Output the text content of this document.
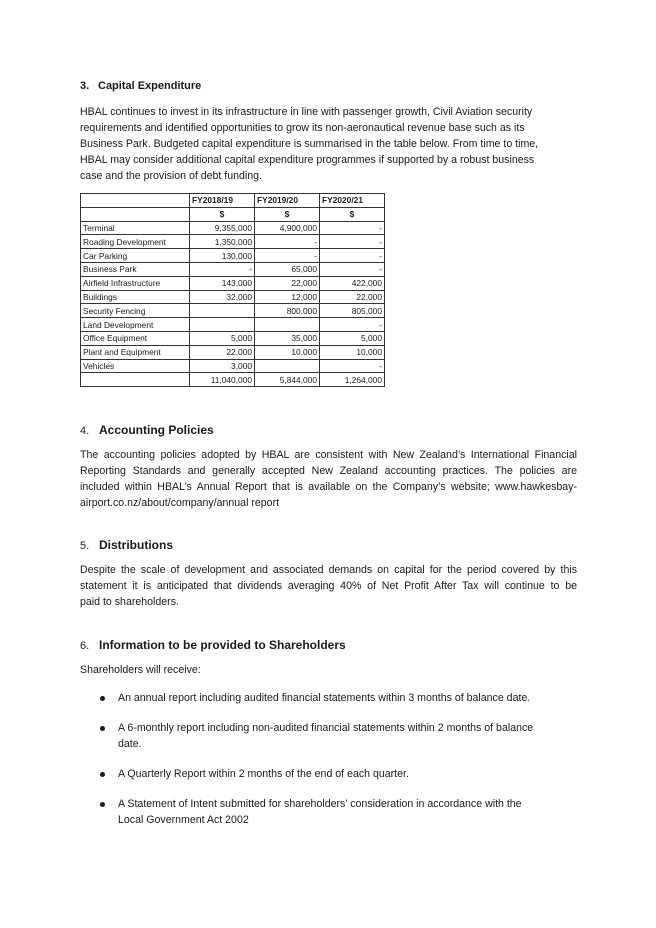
3. Capital Expenditure
HBAL continues to invest in its infrastructure in line with passenger growth, Civil Aviation security
requirements and identified opportunities to grow its non-aeronautical revenue base such as its
Business Park. Budgeted capital expenditure is summarised in the table below. From time to time,
HBAL may consider additional capital expenditure programmes if supported by a robust business
case and the provision of debt funding.
	FY2018/19	FY2019/20	FY2020/21
	$	$	$
Terminal	9,355,000	4,900,000	-
Roading Development	1,350,000	-	-
Car Parking	130,000	-	-
Business Park	-	65,000	-
Airfield Infrastructure	143,000	22,000	422,000
Buildings	32,000	12,000	22,000
Security Fencing		800,000	805,000
Land Development			-
Office Equipment	5,000	35,000	5,000
Plant and Equipment	22,000	10,000	10,000
Vehicles	3,000		-
	11,040,000	5,844,000	1,264,000
4. Accounting Policies
The accounting policies adopted by HBAL are consistent with New Zealand’s International Financial
Reporting Standards and generally accepted New Zealand accounting practices. The policies are
included within HBAL’s Annual Report that is available on the Company’s website; www.hawkesbay-
airport.co.nz/about/company/annual report
5. Distributions
Despite the scale of development and associated demands on capital for the period covered by this
statement it is anticipated that dividends averaging 40% of Net Profit After Tax will continue to be
paid to shareholders.
6. Information to be provided to Shareholders
Shareholders will receive:
An annual report including audited financial statements within 3 months of balance date.
A 6-monthly report including non-audited financial statements within 2 months of balance
date.
A Quarterly Report within 2 months of the end of each quarter.
A Statement of Intent submitted for shareholders’ consideration in accordance with the
Local Government Act 2002
